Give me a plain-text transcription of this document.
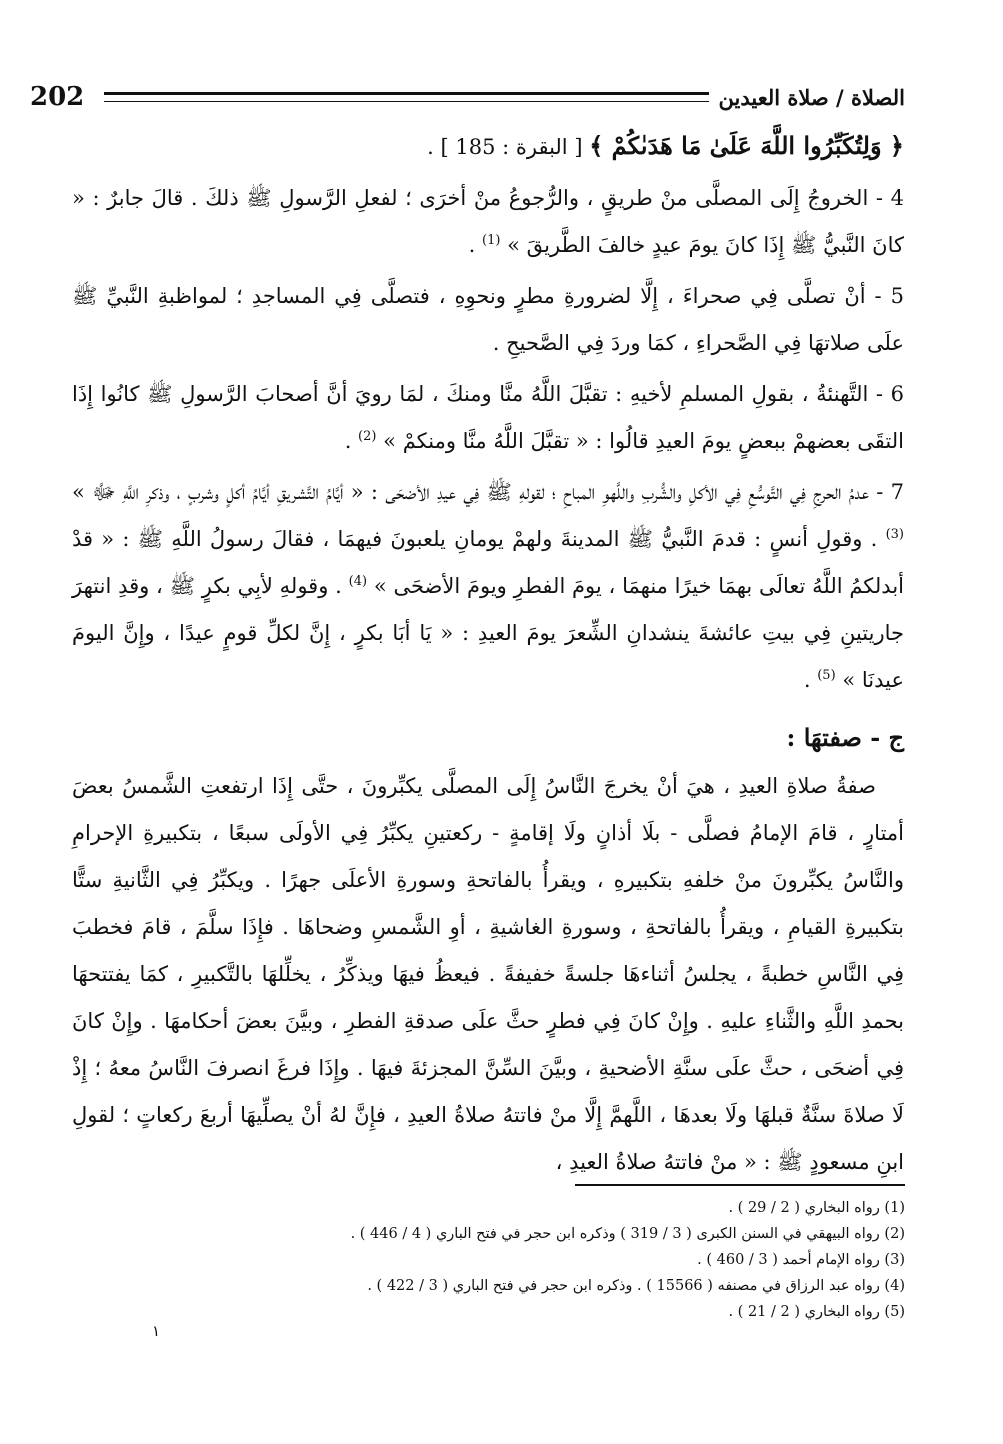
202	الصلاة / صلاة العيدين

﴿ وَلِتُكَبِّرُوا اللَّهَ عَلَىٰ مَا هَدَىٰكُمْ ﴾ [ البقرة : 185 ] .

4 - الخروجُ إِلَى المصلَّى منْ طريقٍ ، والرُّجوعُ منْ أخرَى ؛ لفعلِ الرَّسولِ ﷺ ذلكَ . قالَ جابرٌ : « كانَ النَّبيُّ ﷺ إِذَا كانَ يومَ عيدٍ خالفَ الطَّريقَ » $^{(1)}$ .

5 - أنْ تصلَّى فِي صحراءَ ، إِلَّا لضرورةِ مطرٍ ونحوِهِ ، فتصلَّى فِي المساجدِ ؛ لمواظبةِ النَّبيِّ ﷺ علَى صلاتهَا فِي الصَّحراءِ ، كمَا وردَ فِي الصَّحيحِ .

6 - التَّهنئةُ ، بقولِ المسلمِ لأخيهِ : تقبَّلَ اللَّهُ منَّا ومنكَ ، لمَا رويَ أنَّ أصحابَ الرَّسولِ ﷺ كانُوا إِذَا التقَى بعضهمْ ببعضٍ يومَ العيدِ قالُوا : « تقبَّلَ اللَّهُ منَّا ومنكمْ » $^{(2)}$ .

7 - عدمُ الحرجِ فِي التَّوسُّعِ فِي الأكلِ والشُّربِ واللَّهوِ المباحِ ؛ لقولهِ ﷺ فِي عيدِ الأضحَى : « أيَّامُ التَّشريقِ أيَّامُ أكلٍ وشربٍ ، وذكرِ اللَّهِ ﷻ » $^{(3)}$ . وقولِ أنسٍ : قدمَ النَّبيُّ ﷺ المدينةَ ولهمْ يومانِ يلعبونَ فيهمَا ، فقالَ رسولُ اللَّهِ ﷺ : « قدْ أبدلكمُ اللَّهُ تعالَى بهمَا خيرًا منهمَا ، يومَ الفطرِ ويومَ الأضحَى » $^{(4)}$ . وقولهِ لأبِي بكرٍ ﷺ ، وقدِ انتهرَ جاريتينِ فِي بيتِ عائشةَ ينشدانِ الشِّعرَ يومَ العيدِ : « يَا أبَا بكرٍ ، إِنَّ لكلِّ قومٍ عيدًا ، وإِنَّ اليومَ عيدنَا » $^{(5)}$ .

ج - صفتهَا :

صفةُ صلاةِ العيدِ ، هيَ أنْ يخرجَ النَّاسُ إِلَى المصلَّى يكبِّرونَ ، حتَّى إِذَا ارتفعتِ الشَّمسُ بعضَ أمتارٍ ، قامَ الإمامُ فصلَّى - بلَا أذانٍ ولَا إقامةٍ - ركعتينِ يكبِّرُ فِي الأولَى سبعًا ، بتكبيرةِ الإحرامِ والنَّاسُ يكبِّرونَ منْ خلفهِ بتكبيرهِ ، ويقرأُ بالفاتحةِ وسورةِ الأعلَى جهرًا . ويكبِّرُ فِي الثَّانيةِ ستًّا بتكبيرةِ القيامِ ، ويقرأُ بالفاتحةِ ، وسورةِ الغاشيةِ ، أوِ الشَّمسِ وضحاهَا . فإِذَا سلَّمَ ، قامَ فخطبَ فِي النَّاسِ خطبةً ، يجلسُ أثناءهَا جلسةً خفيفةً . فيعظُ فيهَا ويذكِّرُ ، يخلِّلهَا بالتَّكبيرِ ، كمَا يفتتحهَا بحمدِ اللَّهِ والثَّناءِ عليهِ . وإِنْ كانَ فِي فطرٍ حثَّ علَى صدقةِ الفطرِ ، وبيَّنَ بعضَ أحكامهَا . وإِنْ كانَ فِي أضحَى ، حثَّ علَى سنَّةِ الأضحيةِ ، وبيَّنَ السِّنَّ المجزئةَ فيهَا . وإِذَا فرغَ انصرفَ النَّاسُ معهُ ؛ إِذْ لَا صلاةَ سنَّةٌ قبلهَا ولَا بعدهَا ، اللَّهمَّ إِلَّا منْ فاتتهُ صلاةُ العيدِ ، فإِنَّ لهُ أنْ يصلِّيهَا أربعَ ركعاتٍ ؛ لقولِ ابنِ مسعودٍ ﷺ : « منْ فاتتهُ صلاةُ العيدِ ،

(1) رواه البخاري ( 2 / 29 ) .

(2) رواه البيهقي في السنن الكبرى ( 3 / 319 ) وذكره ابن حجر في فتح الباري ( 4 / 446 ) .

(3) رواه الإمام أحمد ( 3 / 460 ) .

(4) رواه عبد الرزاق في مصنفه ( 15566 ) . وذكره ابن حجر في فتح الباري ( 3 / 422 ) .

(5) رواه البخاري ( 2 / 21 ) .

١
